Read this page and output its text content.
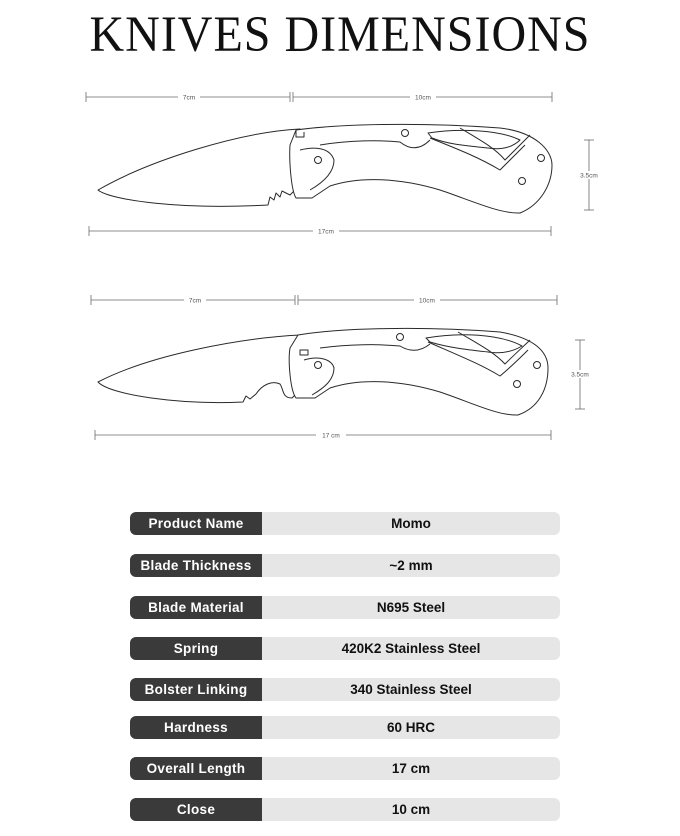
KNIVES DIMENSIONS
7cm	10cm
3.5cm
17cm
7cm	10cm
3.5cm
17 cm
Product Name	Momo
Blade Thickness	~2 mm
Blade Material	N695 Steel
Spring	420K2 Stainless Steel
Bolster Linking	340 Stainless Steel
Hardness	60 HRC
Overall Length	17 cm
Close	10 cm
